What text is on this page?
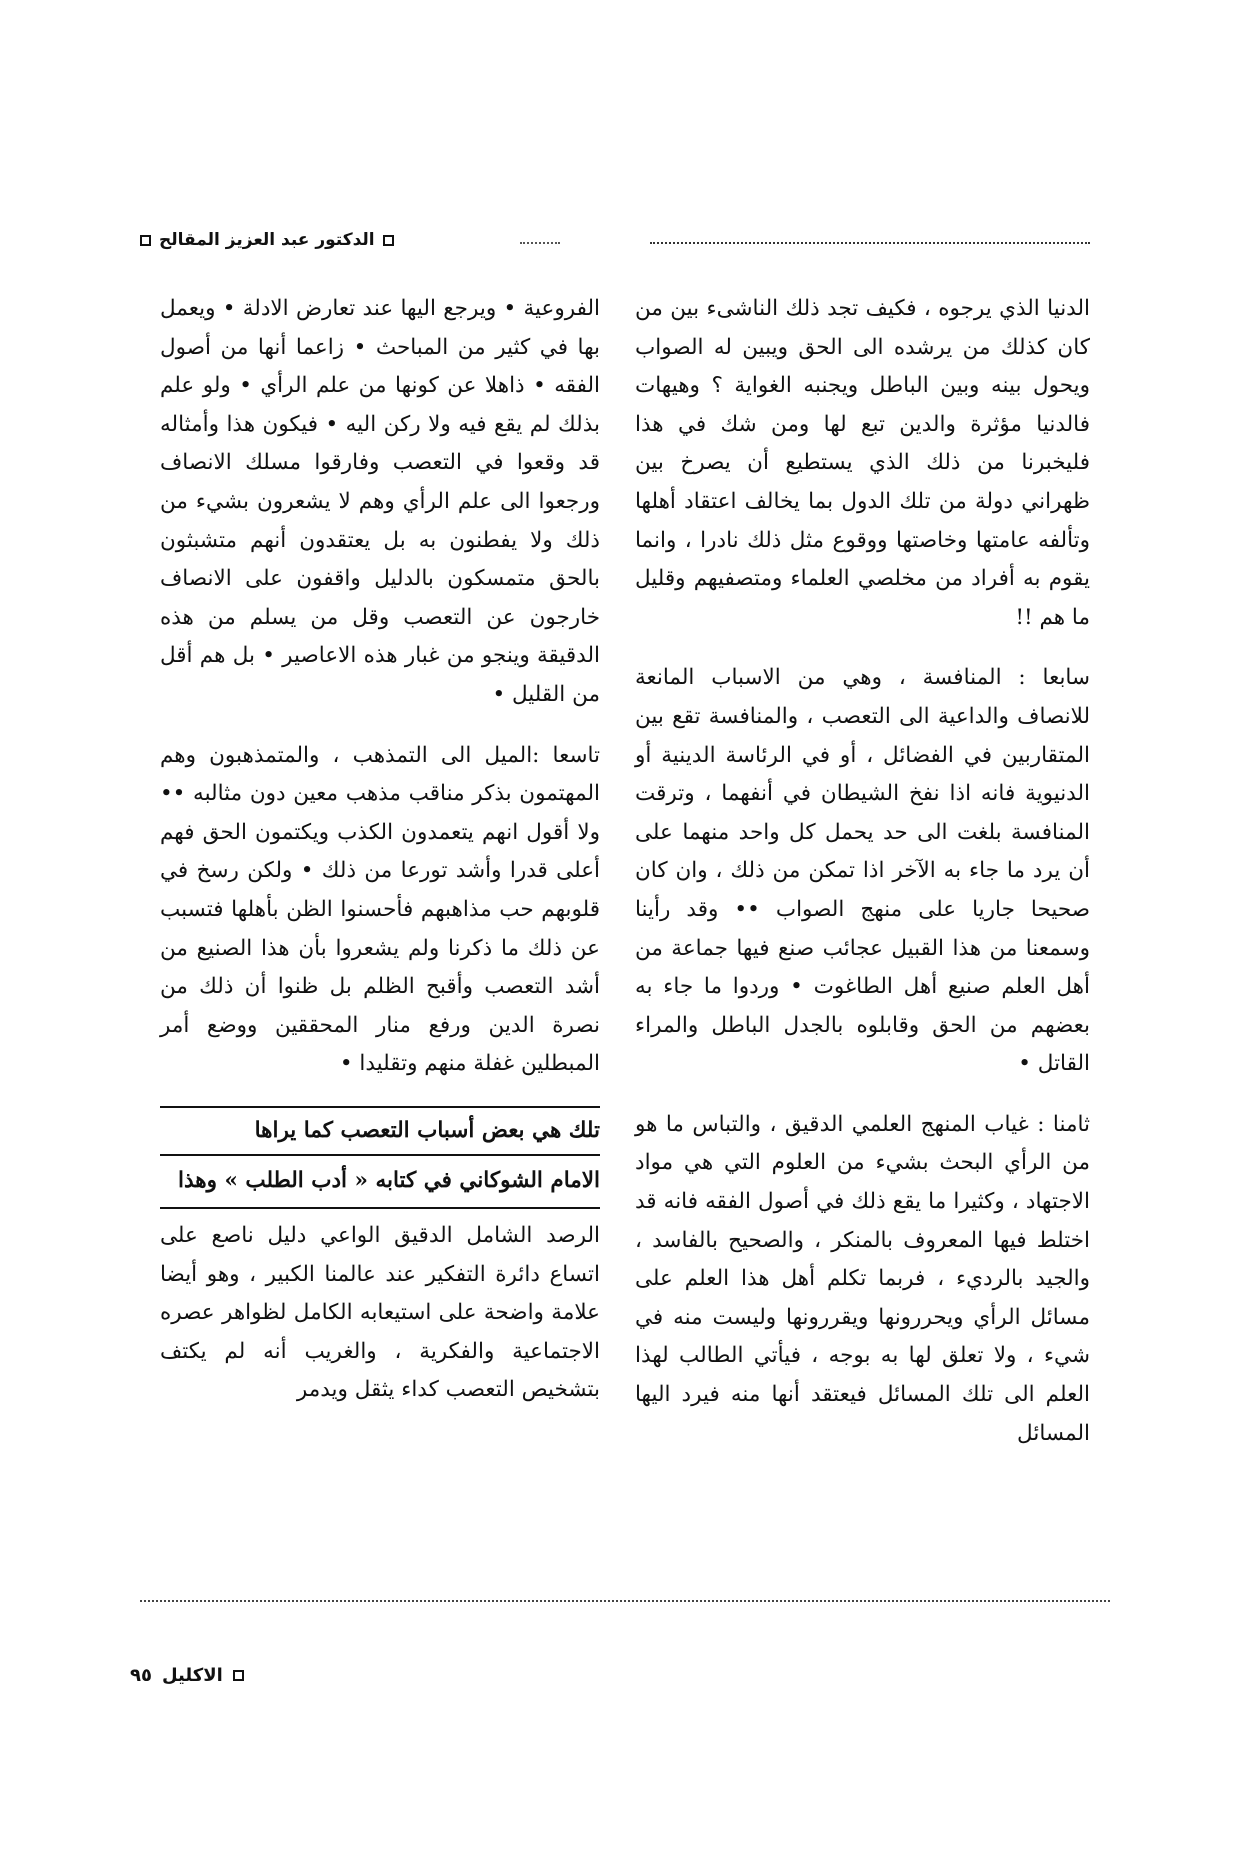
الدكتور عبد العزيز المقالح

الدنيا الذي يرجوه ، فكيف تجد ذلك الناشىء بين من كان كذلك من يرشده الى الحق ويبين له الصواب ويحول بينه وبين الباطل ويجنبه الغواية ؟ وهيهات فالدنيا مؤثرة والدين تبع لها ومن شك في هذا فليخبرنا من ذلك الذي يستطيع أن يصرخ بين ظهراني دولة من تلك الدول بما يخالف اعتقاد أهلها وتألفه عامتها وخاصتها ووقوع مثل ذلك نادرا ، وانما يقوم به أفراد من مخلصي العلماء ومتصفيهم وقليل ما هم !!

سابعا : المنافسة ، وهي من الاسباب المانعة للانصاف والداعية الى التعصب ، والمنافسة تقع بين المتقاربين في الفضائل ، أو في الرئاسة الدينية أو الدنيوية فانه اذا نفخ الشيطان في أنفهما ، وترقت المنافسة بلغت الى حد يحمل كل واحد منهما على أن يرد ما جاء به الآخر اذا تمكن من ذلك ، وان كان صحيحا جاريا على منهج الصواب •• وقد رأينا وسمعنا من هذا القبيل عجائب صنع فيها جماعة من أهل العلم صنيع أهل الطاغوت • وردوا ما جاء به بعضهم من الحق وقابلوه بالجدل الباطل والمراء القاتل •

ثامنا : غياب المنهج العلمي الدقيق ، والتباس ما هو من الرأي البحث بشيء من العلوم التي هي مواد الاجتهاد ، وكثيرا ما يقع ذلك في أصول الفقه فانه قد اختلط فيها المعروف بالمنكر ، والصحيح بالفاسد ، والجيد بالرديء ، فربما تكلم أهل هذا العلم على مسائل الرأي ويحررونها ويقررونها وليست منه في شيء ، ولا تعلق لها به بوجه ، فيأتي الطالب لهذا العلم الى تلك المسائل فيعتقد أنها منه فيرد اليها المسائل

الفروعية • ويرجع اليها عند تعارض الادلة • ويعمل بها في كثير من المباحث • زاعما أنها من أصول الفقه • ذاهلا عن كونها من علم الرأي • ولو علم بذلك لم يقع فيه ولا ركن اليه • فيكون هذا وأمثاله قد وقعوا في التعصب وفارقوا مسلك الانصاف ورجعوا الى علم الرأي وهم لا يشعرون بشيء من ذلك ولا يفطنون به بل يعتقدون أنهم متشبثون بالحق متمسكون بالدليل واقفون على الانصاف خارجون عن التعصب وقل من يسلم من هذه الدقيقة وينجو من غبار هذه الاعاصير • بل هم أقل من القليل •

تاسعا :الميل الى التمذهب ، والمتمذهبون وهم المهتمون بذكر مناقب مذهب معين دون مثالبه •• ولا أقول انهم يتعمدون الكذب ويكتمون الحق فهم أعلى قدرا وأشد تورعا من ذلك • ولكن رسخ في قلوبهم حب مذاهبهم فأحسنوا الظن بأهلها فتسبب عن ذلك ما ذكرنا ولم يشعروا بأن هذا الصنيع من أشد التعصب وأقبح الظلم بل ظنوا أن ذلك من نصرة الدين ورفع منار المحققين ووضع أمر المبطلين غفلة منهم وتقليدا •

تلك هي بعض أسباب التعصب كما يراها
الامام الشوكاني في كتابه « أدب الطلب » وهذا

الرصد الشامل الدقيق الواعي دليل ناصع على اتساع دائرة التفكير عند عالمنا الكبير ، وهو أيضا علامة واضحة على استيعابه الكامل لظواهر عصره الاجتماعية والفكرية ، والغريب أنه لم يكتف بتشخيص التعصب كداء يثقل ويدمر

الاكليل
٩٥
